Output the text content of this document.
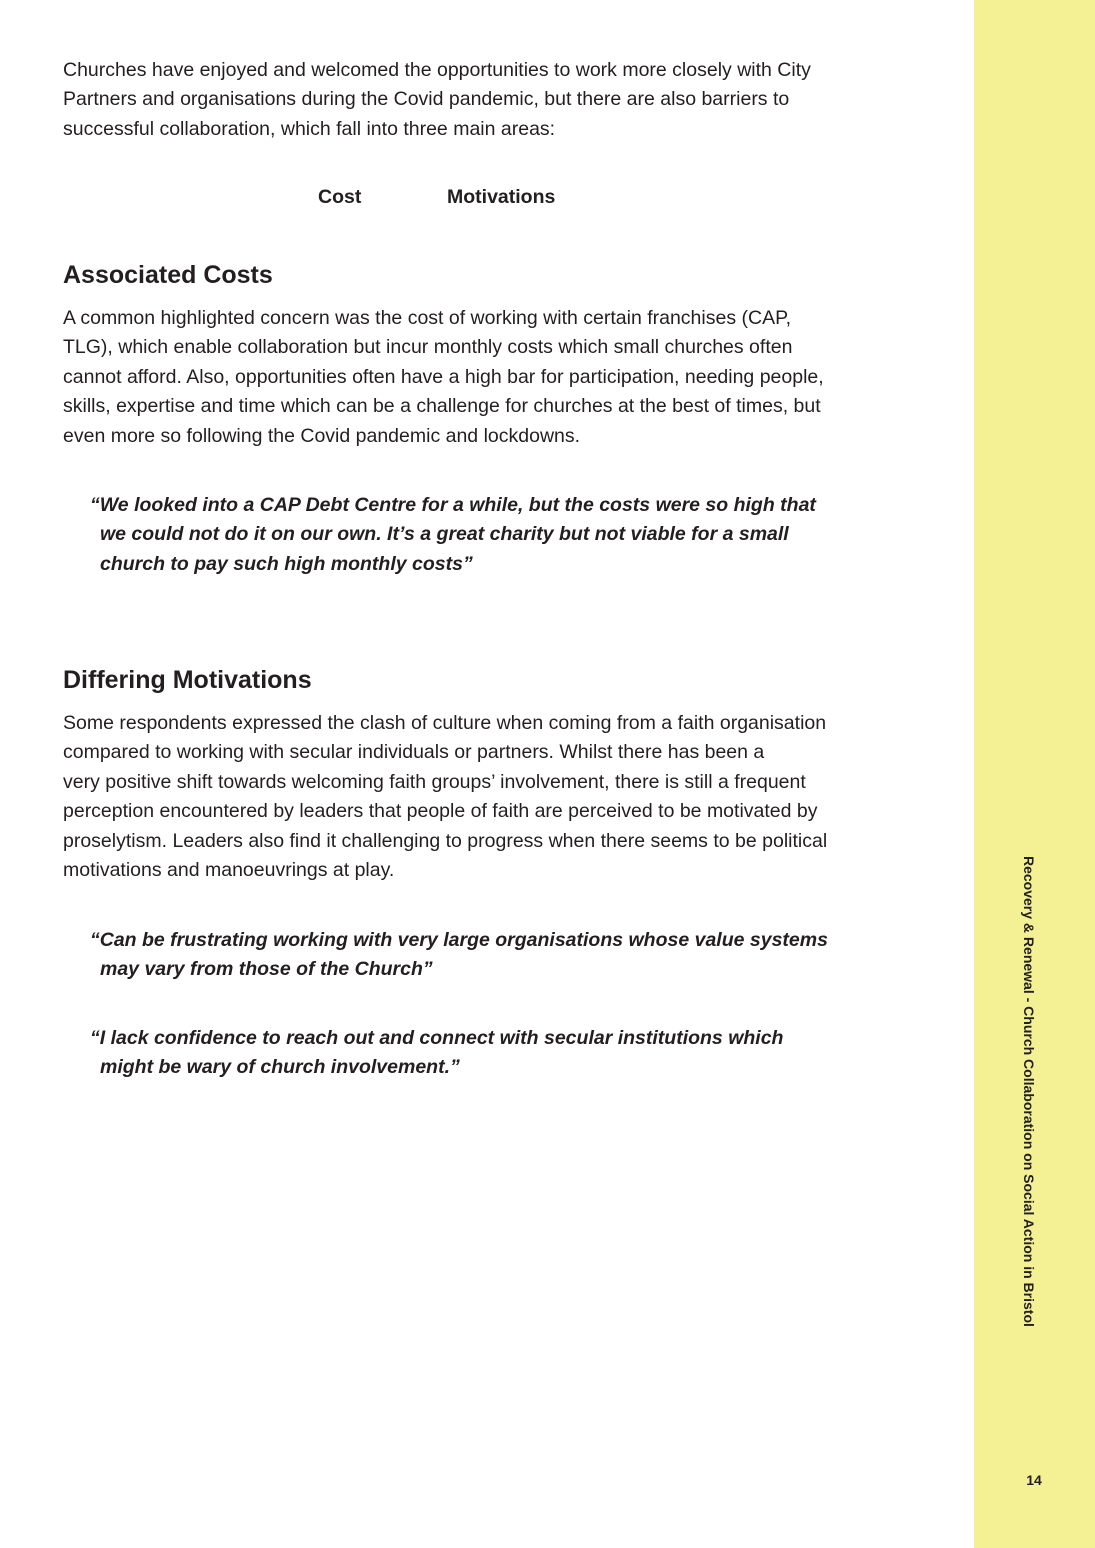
Churches have enjoyed and welcomed the opportunities to work more closely with City
Partners and organisations during the Covid pandemic, but there are also barriers to
successful collaboration, which fall into three main areas:

Cost	Motivations
Associated Costs

A common highlighted concern was the cost of working with certain franchises (CAP,
TLG), which enable collaboration but incur monthly costs which small churches often
cannot afford. Also, opportunities often have a high bar for participation, needing people,
skills, expertise and time which can be a challenge for churches at the best of times, but
even more so following the Covid pandemic and lockdowns.

“We looked into a CAP Debt Centre for a while, but the costs were so high that
we could not do it on our own. It’s a great charity but not viable for a small
church to pay such high monthly costs”

Differing Motivations

Some respondents expressed the clash of culture when coming from a faith organisation
compared to working with secular individuals or partners. Whilst there has been a
very positive shift towards welcoming faith groups’ involvement, there is still a frequent
perception encountered by leaders that people of faith are perceived to be motivated by
proselytism. Leaders also find it challenging to progress when there seems to be political
motivations and manoeuvrings at play.

“Can be frustrating working with very large organisations whose value systems
may vary from those of the Church”

“I lack confidence to reach out and connect with secular institutions which
might be wary of church involvement.”	Recovery & Renewal - Church Collaboration on Social Action in Bristol
14
